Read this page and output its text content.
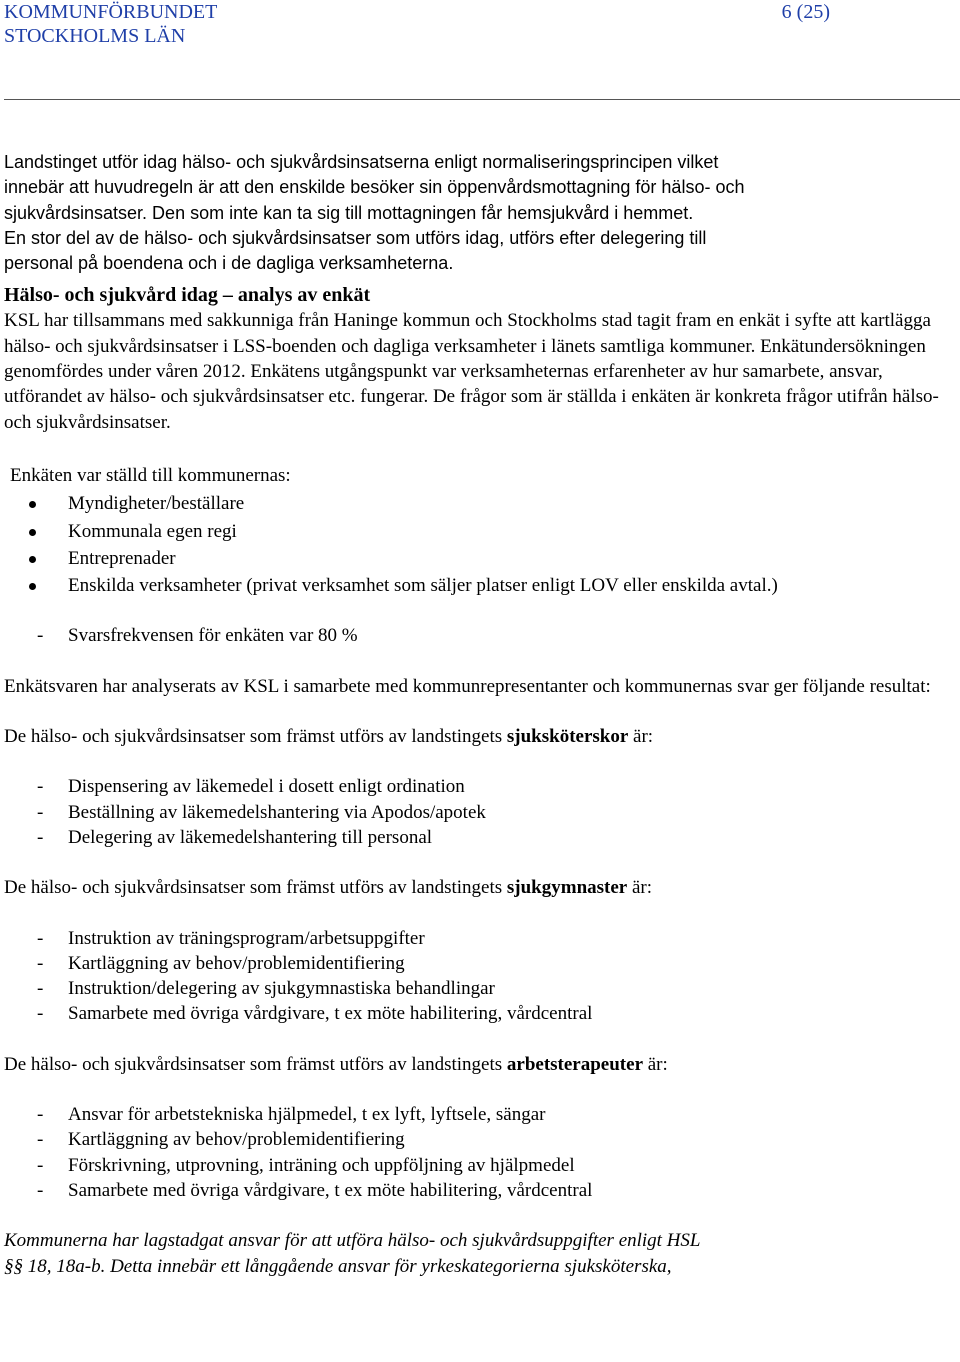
KOMMUNFÖRBUNDET
STOCKHOLMS LÄN
6 (25)

Landstinget utför idag hälso- och sjukvårdsinsatserna enligt normaliseringsprincipen vilket
innebär att huvudregeln är att den enskilde besöker sin öppenvårdsmottagning för hälso- och
sjukvårdsinsatser. Den som inte kan ta sig till mottagningen får hemsjukvård i hemmet.
En stor del av de hälso- och sjukvårdsinsatser som utförs idag, utförs efter delegering till
personal på boendena och i de dagliga verksamheterna.

Hälso- och sjukvård idag – analys av enkät

KSL har tillsammans med sakkunniga från Haninge kommun och Stockholms stad tagit fram en enkät i syfte att kartlägga hälso- och sjukvårdsinsatser i LSS-boenden och dagliga verksamheter i länets samtliga kommuner. Enkätundersökningen genomfördes under våren 2012. Enkätens utgångspunkt var verksamheternas erfarenheter av hur samarbete, ansvar, utförandet av hälso- och sjukvårdsinsatser etc. fungerar. De frågor som är ställda i enkäten är konkreta frågor utifrån hälso- och sjukvårdsinsatser.

Enkäten var ställd till kommunernas:

Myndigheter/beställare
Kommunala egen regi
Entreprenader
Enskilda verksamheter (privat verksamhet som säljer platser enligt LOV eller enskilda avtal.)
- Svarsfrekvensen för enkäten var 80 %

Enkätsvaren har analyserats av KSL i samarbete med kommunrepresentanter och kommunernas svar ger följande resultat:

De hälso- och sjukvårdsinsatser som främst utförs av landstingets sjuksköterskor är:

- Dispensering av läkemedel i dosett enligt ordination
- Beställning av läkemedelshantering via Apodos/apotek
- Delegering av läkemedelshantering till personal

De hälso- och sjukvårdsinsatser som främst utförs av landstingets sjukgymnaster är:

- Instruktion av träningsprogram/arbetsuppgifter
- Kartläggning av behov/problemidentifiering
- Instruktion/delegering av sjukgymnastiska behandlingar
- Samarbete med övriga vårdgivare, t ex möte habilitering, vårdcentral

De hälso- och sjukvårdsinsatser som främst utförs av landstingets arbetsterapeuter är:

- Ansvar för arbetstekniska hjälpmedel, t ex lyft, lyftsele, sängar
- Kartläggning av behov/problemidentifiering
- Förskrivning, utprovning, inträning och uppföljning av hjälpmedel
- Samarbete med övriga vårdgivare, t ex möte habilitering, vårdcentral

Kommunerna har lagstadgat ansvar för att utföra hälso- och sjukvårdsuppgifter enligt HSL
§§ 18, 18a-b. Detta innebär ett långgående ansvar för yrkeskategorierna sjuksköterska,
